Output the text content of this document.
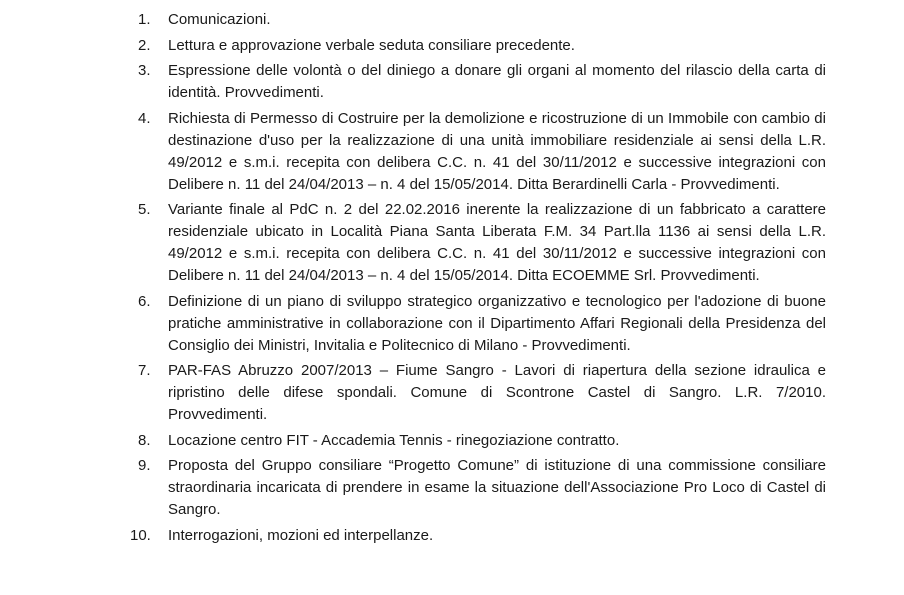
1. Comunicazioni.
2. Lettura e approvazione verbale seduta consiliare precedente.
3. Espressione delle volontà o del diniego a donare gli organi al momento del rilascio della carta di identità. Provvedimenti.
4. Richiesta di Permesso di Costruire per la demolizione e ricostruzione di un Immobile con cambio di destinazione d'uso per la realizzazione di una unità immobiliare residenziale ai sensi della L.R. 49/2012 e s.m.i. recepita con delibera C.C. n. 41 del 30/11/2012 e successive integrazioni con Delibere n. 11 del 24/04/2013 – n. 4 del 15/05/2014. Ditta Berardinelli Carla - Provvedimenti.
5. Variante finale al PdC n. 2 del 22.02.2016 inerente la realizzazione di un fabbricato a carattere residenziale ubicato in Località Piana Santa Liberata F.M. 34 Part.lla 1136 ai sensi della L.R. 49/2012 e s.m.i. recepita con delibera C.C. n. 41 del 30/11/2012 e successive integrazioni con Delibere n. 11 del 24/04/2013 – n. 4 del 15/05/2014. Ditta ECOEMME Srl. Provvedimenti.
6. Definizione di un piano di sviluppo strategico organizzativo e tecnologico per l'adozione di buone pratiche amministrative in collaborazione con il Dipartimento Affari Regionali della Presidenza del Consiglio dei Ministri, Invitalia e Politecnico di Milano - Provvedimenti.
7. PAR-FAS Abruzzo 2007/2013 – Fiume Sangro - Lavori di riapertura della sezione idraulica e ripristino delle difese spondali. Comune di Scontrone Castel di Sangro. L.R. 7/2010. Provvedimenti.
8. Locazione centro FIT - Accademia Tennis - rinegoziazione contratto.
9. Proposta del Gruppo consiliare “Progetto Comune” di istituzione di una commissione consiliare straordinaria incaricata di prendere in esame la situazione dell'Associazione Pro Loco di Castel di Sangro.
10. Interrogazioni, mozioni ed interpellanze.
